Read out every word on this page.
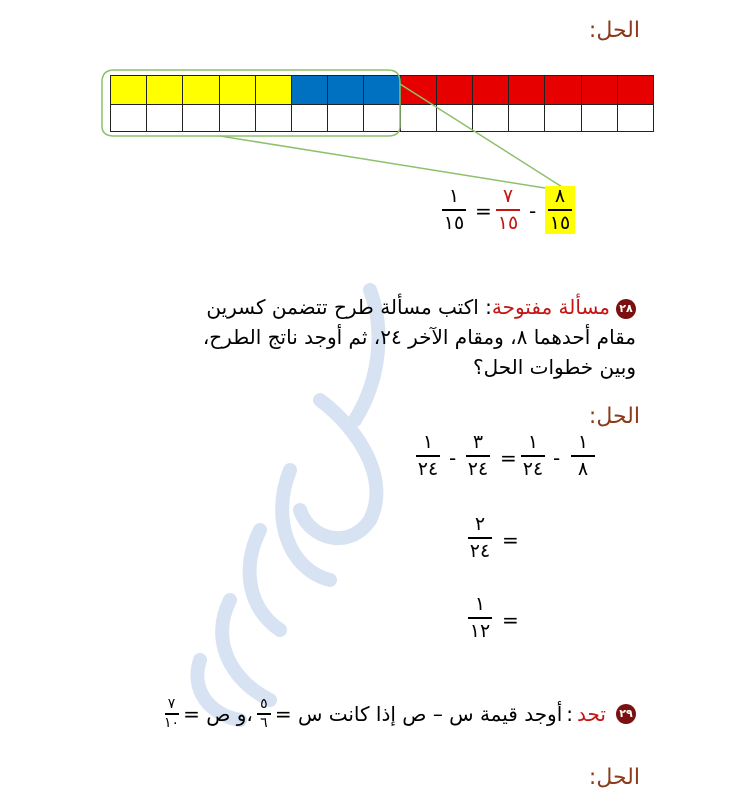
الحل:
٨
١٥
-
٧
١٥
=
١
١٥
٢٨مسألة مفتوحة: اكتب مسألة طرح تتضمن كسرين
مقام أحدهما ٨، ومقام الآخر ٢٤، ثم أوجد ناتج الطرح،
وبين خطوات الحل؟
الحل:
١
٨
-
١
٢٤
=
٣
٢٤
-
١
٢٤
=
٢
٢٤
=
١
١٢
٢٩
تحد
:
أوجد قيمة س – ص إذا كانت س =
$\frac{٥}{٦}$
،و ص =
$\frac{٧}{١٠}$
الحل:
